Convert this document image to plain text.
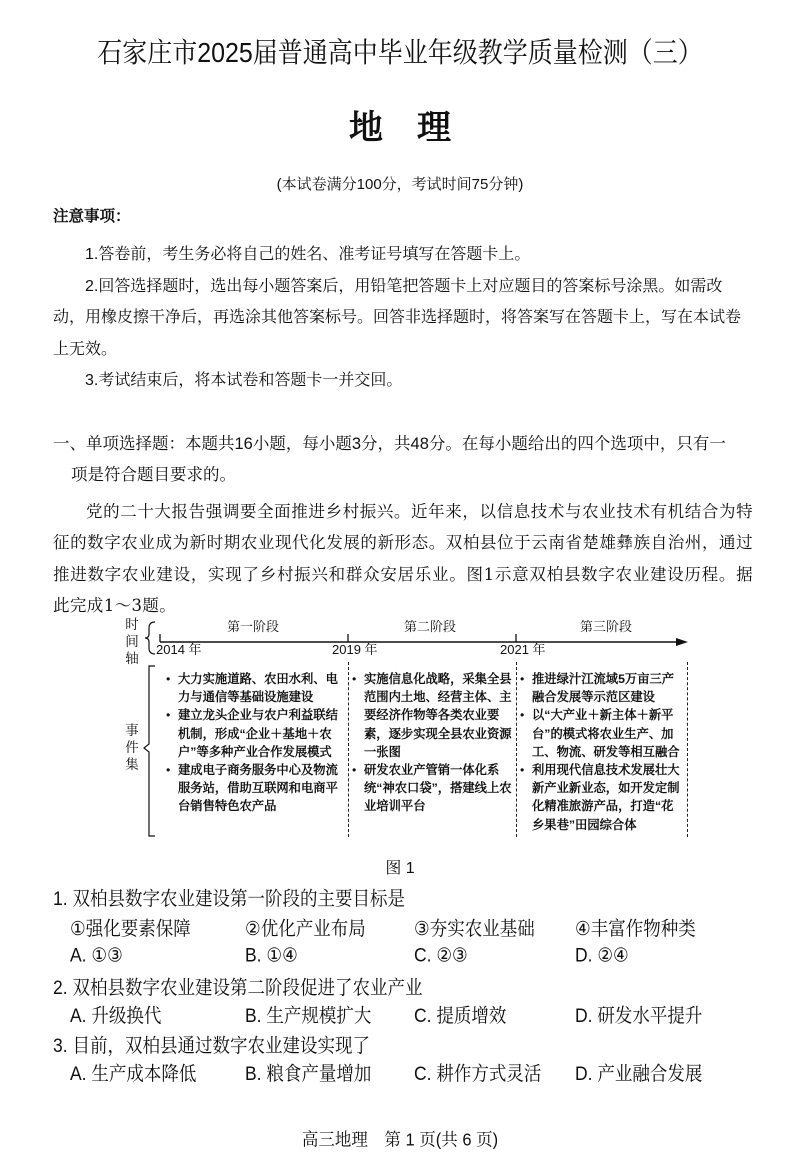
石家庄市2025届普通高中毕业年级教学质量检测（三）
地理
(本试卷满分100分，考试时间75分钟)
注意事项：

1.答卷前，考生务必将自己的姓名、准考证号填写在答题卡上。

2.回答选择题时，选出每小题答案后，用铅笔把答题卡上对应题目的答案标号涂黑。如需改动，用橡皮擦干净后，再选涂其他答案标号。回答非选择题时，将答案写在答题卡上，写在本试卷上无效。

3.考试结束后，将本试卷和答题卡一并交回。

一、单项选择题：本题共16小题，每小题3分，共48分。在每小题给出的四个选项中，只有一
项是符合题目要求的。
党的二十大报告强调要全面推进乡村振兴。近年来，以信息技术与农业技术有机结合为特征的数字农业成为新时期农业现代化发展的新形态。双柏县位于云南省楚雄彝族自治州，通过推进数字农业建设，实现了乡村振兴和群众安居乐业。图1示意双柏县数字农业建设历程。据此完成1～3题。
时
间
轴
事
件
集
第一阶段	第二阶段	第三阶段
2014 年	2019 年	2021 年

• 大力实施道路、农田水利、电力与通信等基础设施建设

• 建立龙头企业与农户利益联结机制，形成“企业＋基地＋农户”等多种产业合作发展模式

• 建成电子商务服务中心及物流服务站，借助互联网和电商平台销售特色农产品

• 实施信息化战略，采集全县范围内土地、经营主体、主要经济作物等各类农业要素，逐步实现全县农业资源一张图

• 研发农业产管销一体化系统“神农口袋”，搭建线上农业培训平台

• 推进绿汁江流域5万亩三产融合发展等示范区建设

• 以“大产业＋新主体＋新平台”的模式将农业生产、加工、物流、研发等相互融合

• 利用现代信息技术发展壮大新产业新业态，如开发定制化精准旅游产品，打造“花乡果巷”田园综合体

图 1
1. 双柏县数字农业建设第一阶段的主要目标是
①强化要素保障	②优化产业布局	③夯实农业基础 ④丰富作物种类
A. ①③	B. ①④	C. ②③	D. ②④
2. 双柏县数字农业建设第二阶段促进了农业产业
A. 升级换代	B. 生产规模扩大 C. 提质增效	D. 研发水平提升
3. 目前，双柏县通过数字农业建设实现了
A. 生产成本降低	B. 粮食产量增加 C. 耕作方式灵活 D. 产业融合发展
高三地理　第 1 页(共 6 页)
